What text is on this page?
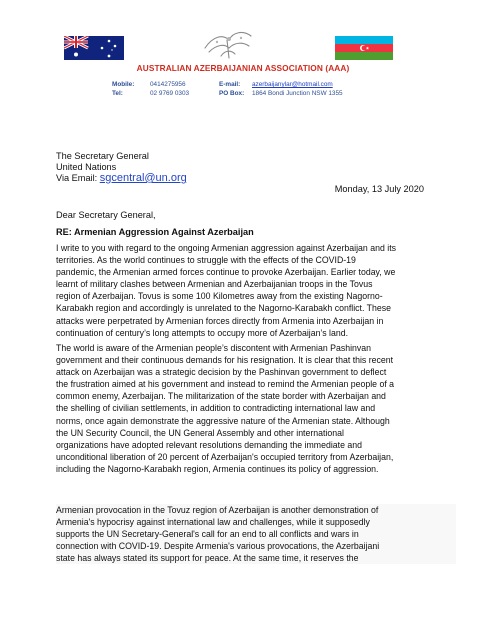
AUSTRALIAN AZERBAIJANIAN ASSOCIATION (AAA)
Mobile: 0414275956
Tel:	02 9769 0303
E-mail: azerbaijanylar@hotmail.com
PO Box: 1864 Bondi Junction NSW 1355
The Secretary General
United Nations
Via Email: sgcentral@un.org
Monday, 13 July 2020
Dear Secretary General,
RE: Armenian Aggression Against Azerbaijan
I write to you with regard to the ongoing Armenian aggression against Azerbaijan and its
territories. As the world continues to struggle with the effects of the COVID-19
pandemic, the Armenian armed forces continue to provoke Azerbaijan. Earlier today, we
learnt of military clashes between Armenian and Azerbaijanian troops in the Tovus
region of Azerbaijan. Tovus is some 100 Kilometres away from the existing Nagorno-
Karabakh region and accordingly is unrelated to the Nagorno-Karabakh conflict. These
attacks were perpetrated by Armenian forces directly from Armenia into Azerbaijan in
continuation of century’s long attempts to occupy more of Azerbaijan’s land.
The world is aware of the Armenian people’s discontent with Armenian Pashinvan
government and their continuous demands for his resignation. It is clear that this recent
attack on Azerbaijan was a strategic decision by the Pashinvan government to deflect
the frustration aimed at his government and instead to remind the Armenian people of a
common enemy, Azerbaijan. The militarization of the state border with Azerbaijan and
the shelling of civilian settlements, in addition to contradicting international law and
norms, once again demonstrate the aggressive nature of the Armenian state. Although
the UN Security Council, the UN General Assembly and other international
organizations have adopted relevant resolutions demanding the immediate and
unconditional liberation of 20 percent of Azerbaijan's occupied territory from Azerbaijan,
including the Nagorno-Karabakh region, Armenia continues its policy of aggression.
Armenian provocation in the Tovuz region of Azerbaijan is another demonstration of
Armenia's hypocrisy against international law and challenges, while it supposedly
supports the UN Secretary-General's call for an end to all conflicts and wars in
connection with COVID-19. Despite Armenia's various provocations, the Azerbaijani
state has always stated its support for peace. At the same time, it reserves the
